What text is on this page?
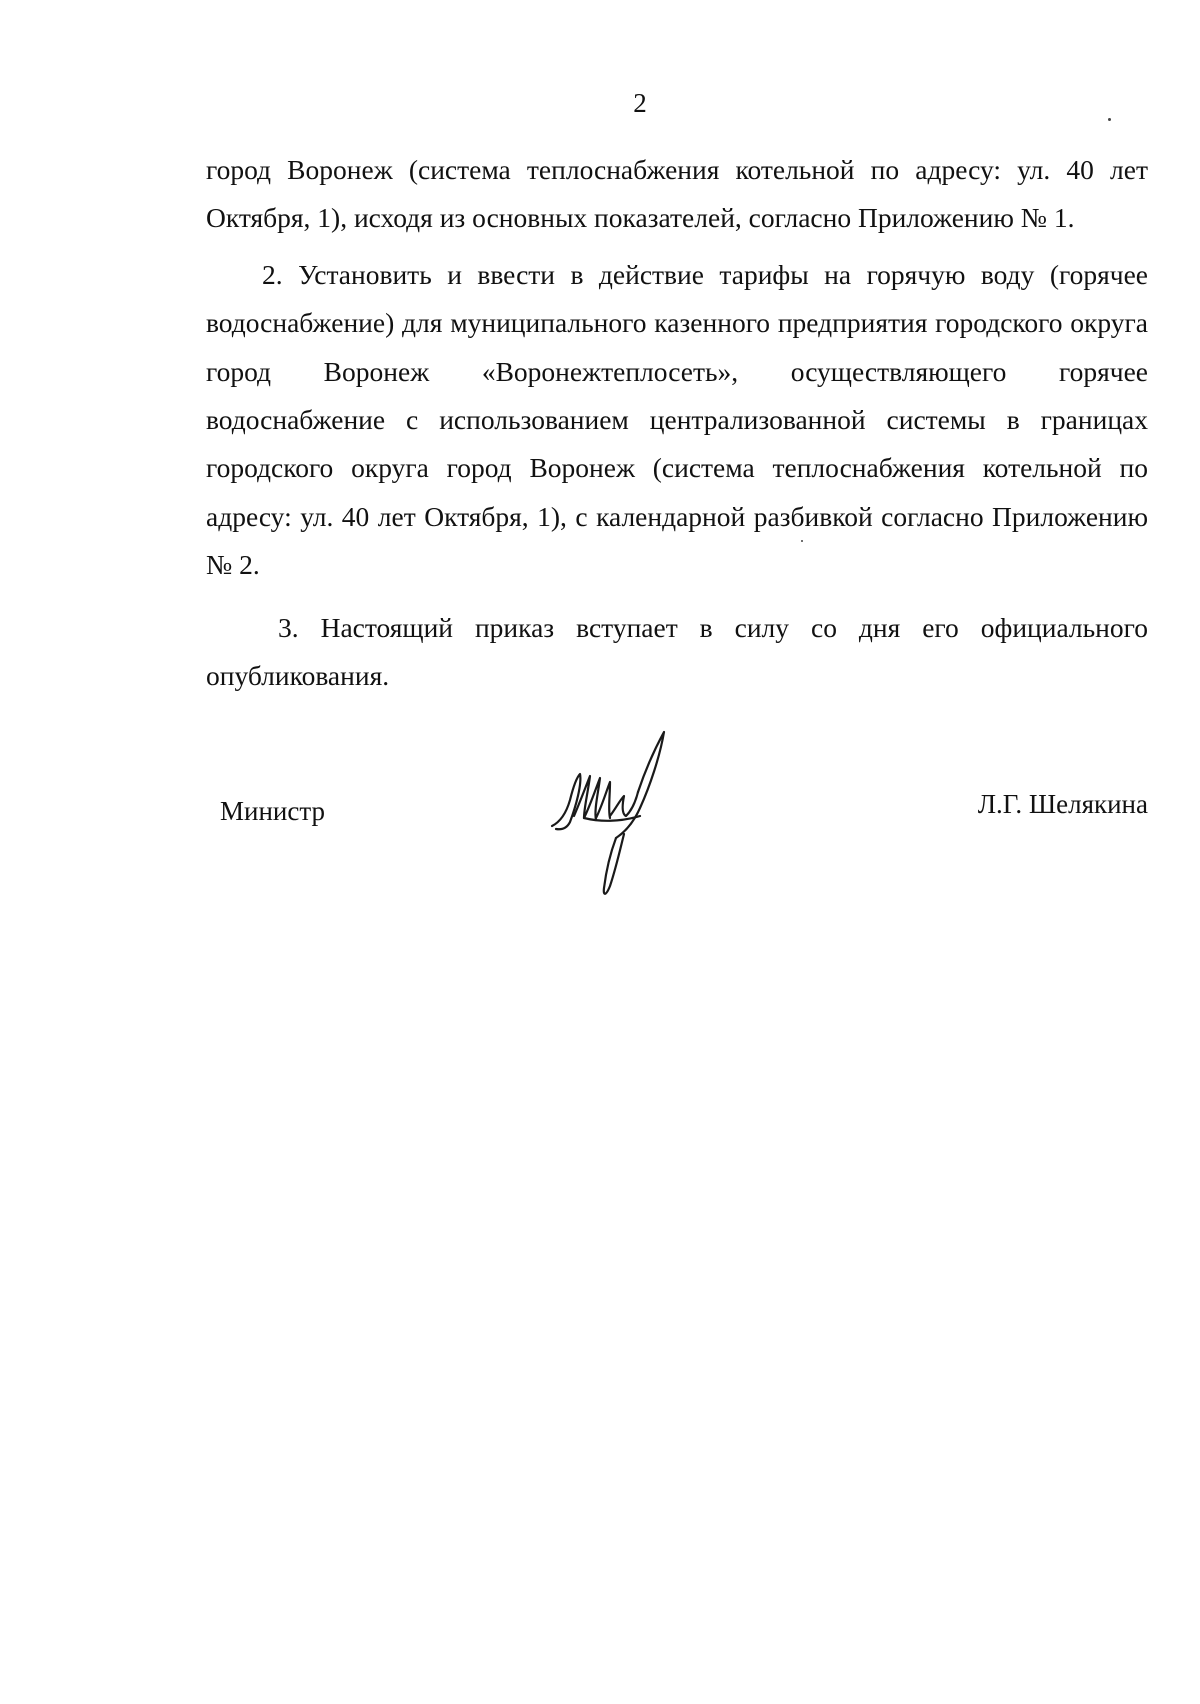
2

город Воронеж (система теплоснабжения котельной по адресу: ул. 40 лет Октября, 1), исходя из основных показателей, согласно Приложению № 1.

2. Установить и ввести в действие тарифы на горячую воду (горячее водоснабжение) для муниципального казенного предприятия городского округа город Воронеж «Воронежтеплосеть», осуществляющего горячее водоснабжение с использованием централизованной системы в границах городского округа город Воронеж (система теплоснабжения котельной по адресу: ул. 40 лет Октября, 1), с календарной разбивкой согласно Приложению № 2.

3. Настоящий приказ вступает в силу со дня его официального опубликования.

Министр	Л.Г. Шелякина
